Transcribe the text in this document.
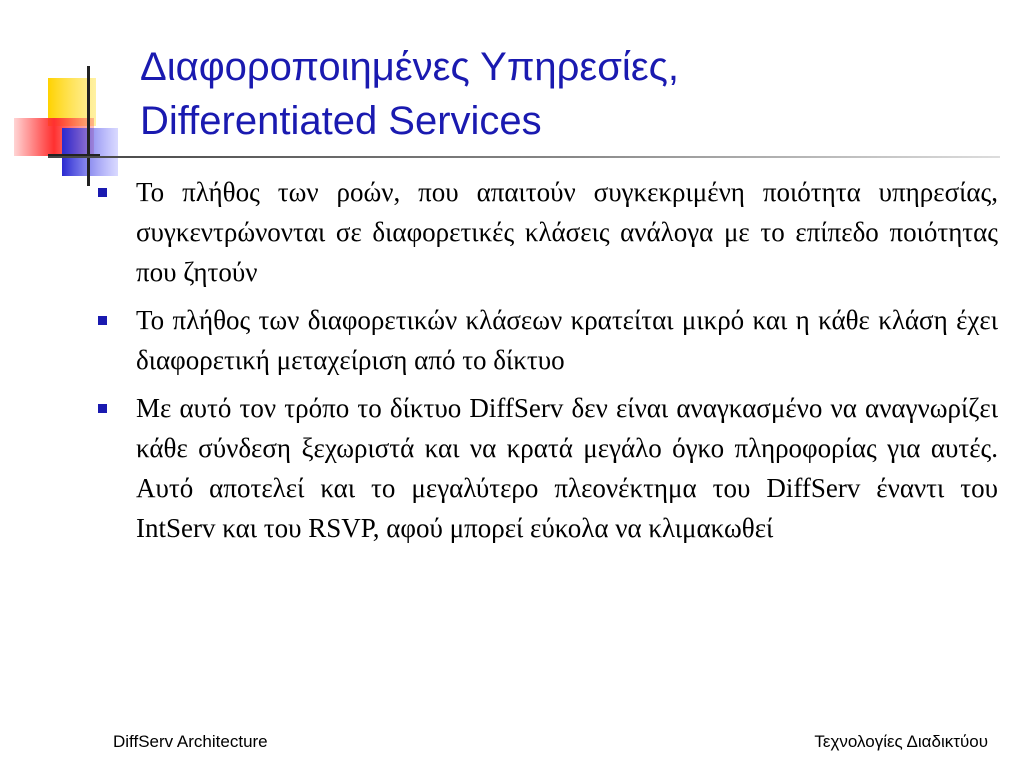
Διαφοροποιημένες Υπηρεσίες,
Differentiated Services
Το πλήθος των ροών, που απαιτούν συγκεκριμένη ποιότητα υπηρεσίας, συγκεντρώνονται σε διαφορετικές κλάσεις ανάλογα με το επίπεδο ποιότητας που ζητούν
Το πλήθος των διαφορετικών κλάσεων κρατείται μικρό και η κάθε κλάση έχει διαφορετική μεταχείριση από το δίκτυο
Με αυτό τον τρόπο το δίκτυο DiffServ δεν είναι αναγκασμένο να αναγνωρίζει κάθε σύνδεση ξεχωριστά και να κρατά μεγάλο όγκο πληροφορίας για αυτές. Αυτό αποτελεί και το μεγαλύτερο πλεονέκτημα του DiffServ έναντι του IntServ και του RSVP, αφού μπορεί εύκολα να κλιμακωθεί
DiffServ Architecture	Τεχνολογίες Διαδικτύου
